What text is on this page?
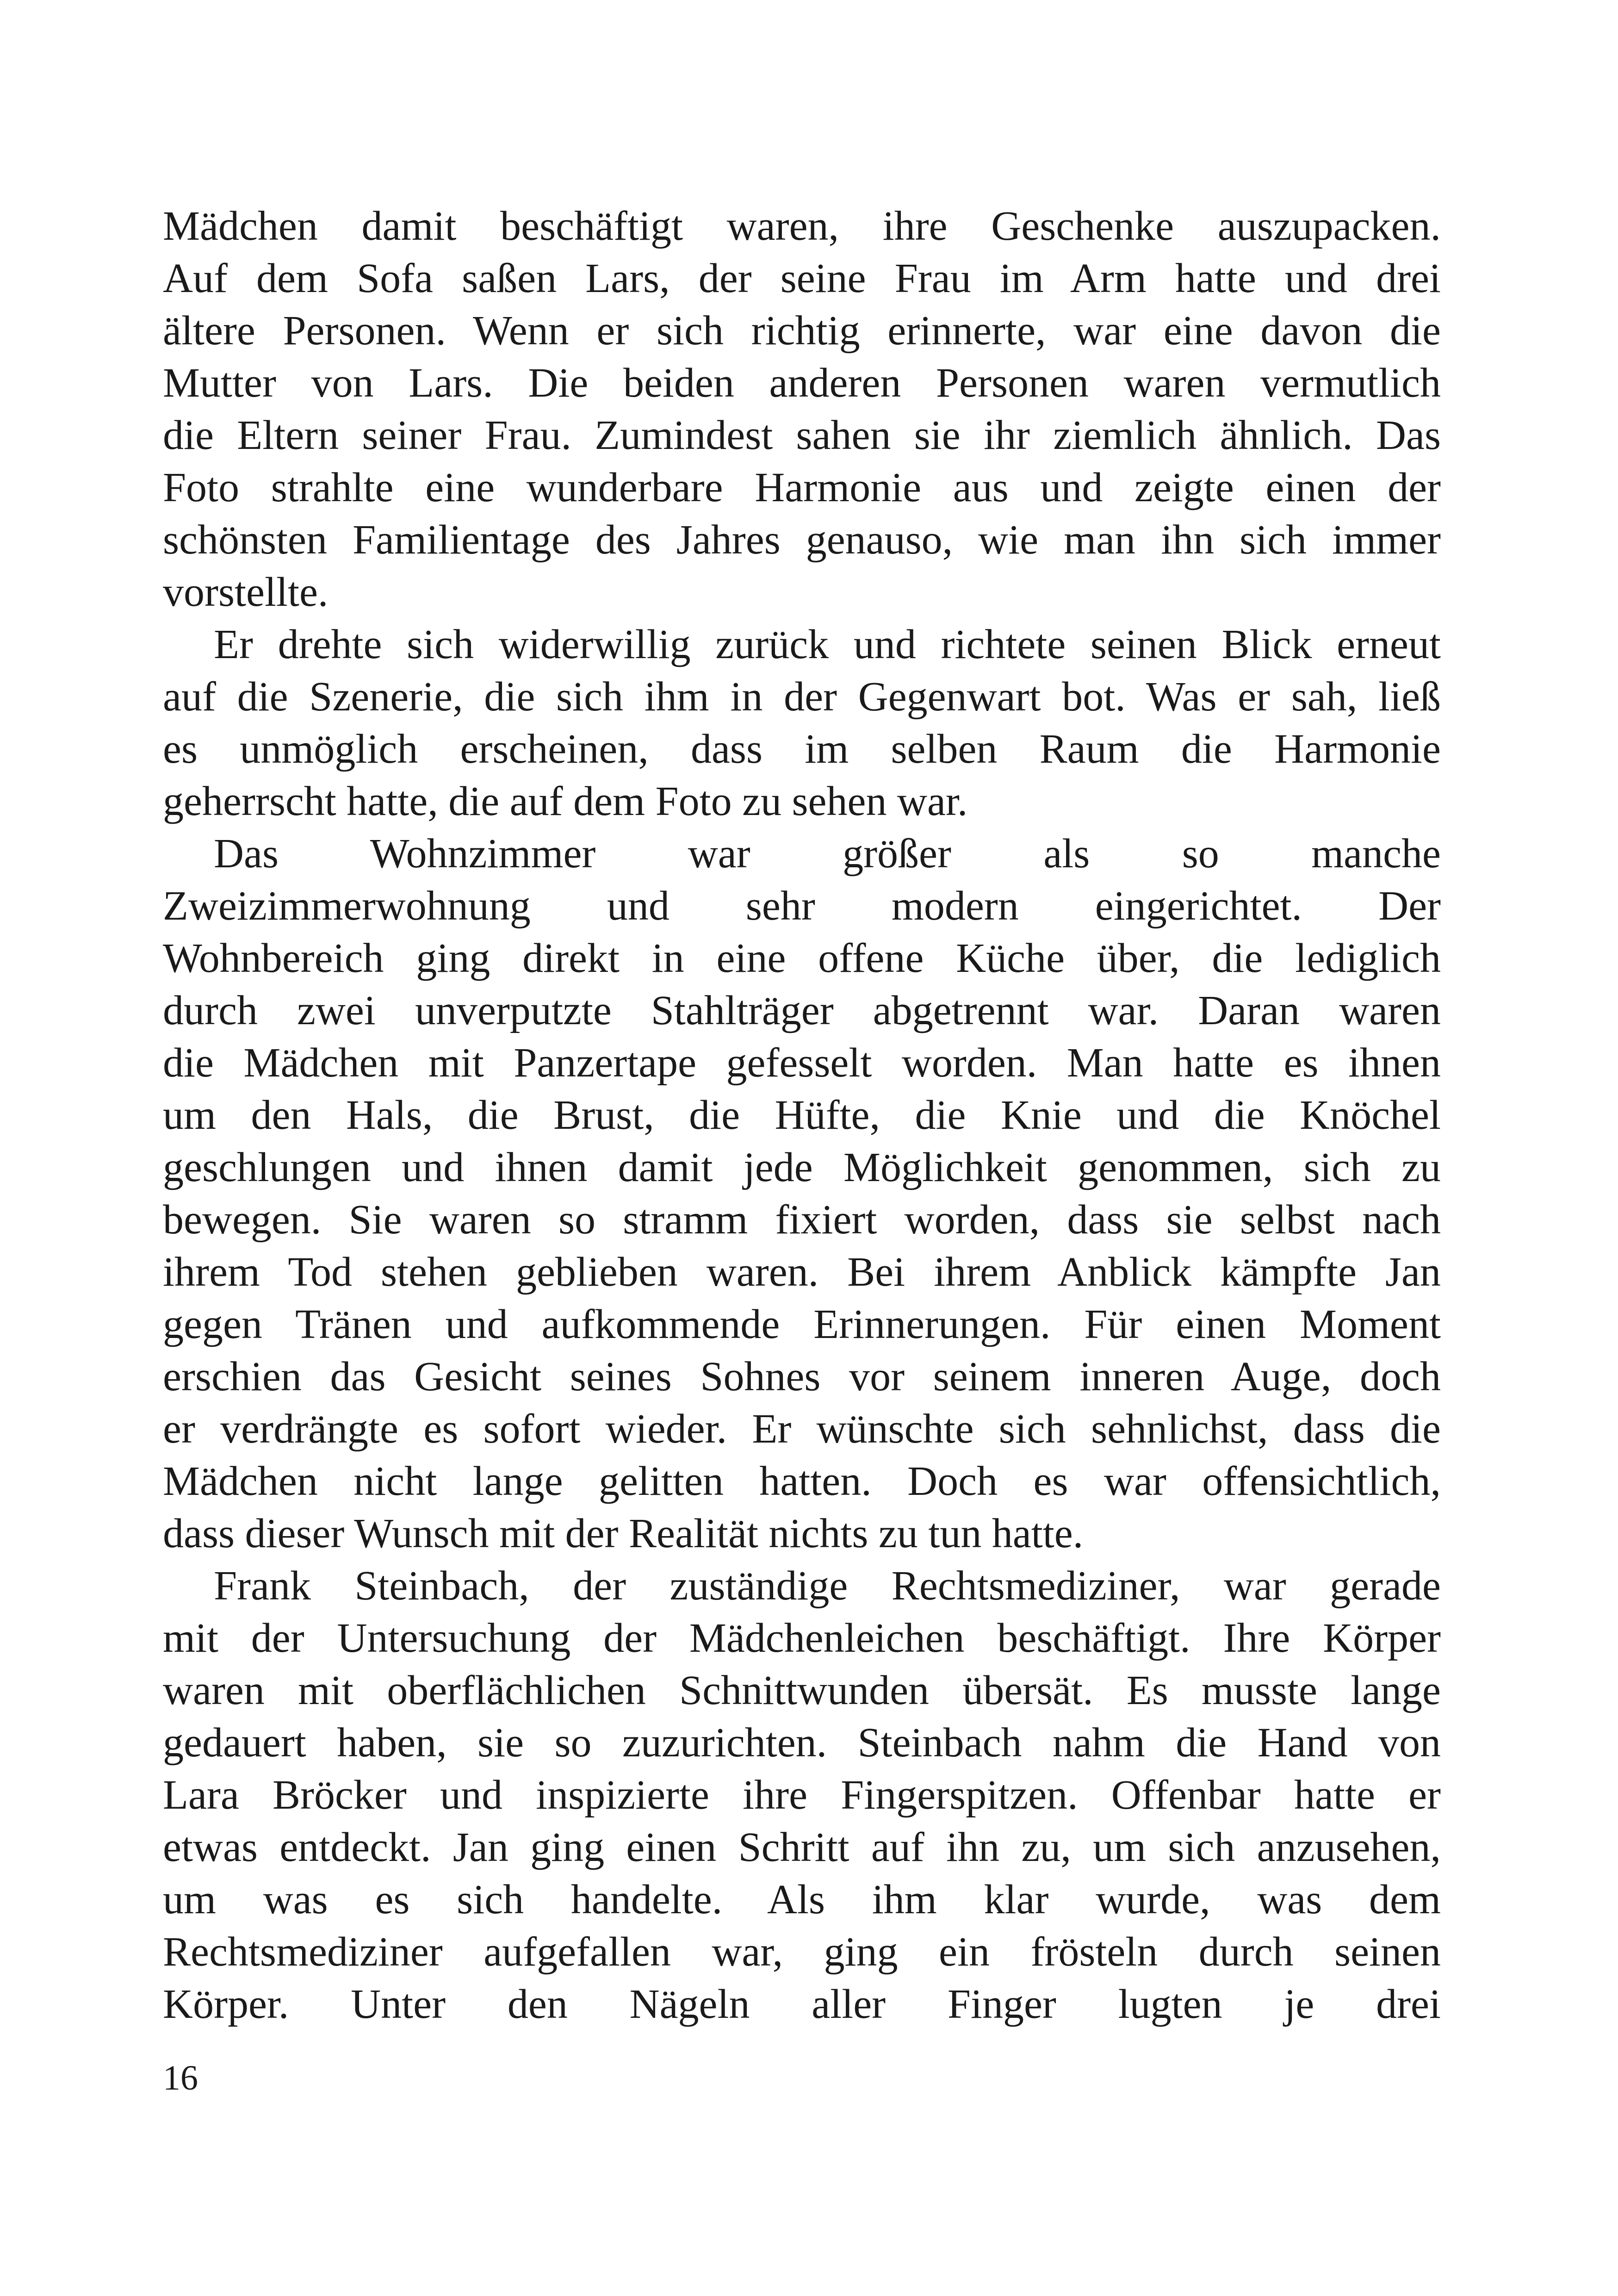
Mädchen damit beschäftigt waren, ihre Geschenke auszupacken.
Auf dem Sofa saßen Lars, der seine Frau im Arm hatte und drei
ältere Personen. Wenn er sich richtig erinnerte, war eine davon die
Mutter von Lars. Die beiden anderen Personen waren vermutlich
die Eltern seiner Frau. Zumindest sahen sie ihr ziemlich ähnlich. Das
Foto strahlte eine wunderbare Harmonie aus und zeigte einen der
schönsten Familientage des Jahres genauso, wie man ihn sich immer
vorstellte.
Er drehte sich widerwillig zurück und richtete seinen Blick erneut
auf die Szenerie, die sich ihm in der Gegenwart bot. Was er sah, ließ
es unmöglich erscheinen, dass im selben Raum die Harmonie
geherrscht hatte, die auf dem Foto zu sehen war.
Das Wohnzimmer war größer als so manche
Zweizimmerwohnung und sehr modern eingerichtet. Der
Wohnbereich ging direkt in eine offene Küche über, die lediglich
durch zwei unverputzte Stahlträger abgetrennt war. Daran waren
die Mädchen mit Panzertape gefesselt worden. Man hatte es ihnen
um den Hals, die Brust, die Hüfte, die Knie und die Knöchel
geschlungen und ihnen damit jede Möglichkeit genommen, sich zu
bewegen. Sie waren so stramm fixiert worden, dass sie selbst nach
ihrem Tod stehen geblieben waren. Bei ihrem Anblick kämpfte Jan
gegen Tränen und aufkommende Erinnerungen. Für einen Moment
erschien das Gesicht seines Sohnes vor seinem inneren Auge, doch
er verdrängte es sofort wieder. Er wünschte sich sehnlichst, dass die
Mädchen nicht lange gelitten hatten. Doch es war offensichtlich,
dass dieser Wunsch mit der Realität nichts zu tun hatte.
Frank Steinbach, der zuständige Rechtsmediziner, war gerade
mit der Untersuchung der Mädchenleichen beschäftigt. Ihre Körper
waren mit oberflächlichen Schnittwunden übersät. Es musste lange
gedauert haben, sie so zuzurichten. Steinbach nahm die Hand von
Lara Bröcker und inspizierte ihre Fingerspitzen. Offenbar hatte er
etwas entdeckt. Jan ging einen Schritt auf ihn zu, um sich anzusehen,
um was es sich handelte. Als ihm klar wurde, was dem
Rechtsmediziner aufgefallen war, ging ein frösteln durch seinen
Körper. Unter den Nägeln aller Finger lugten je drei
16
